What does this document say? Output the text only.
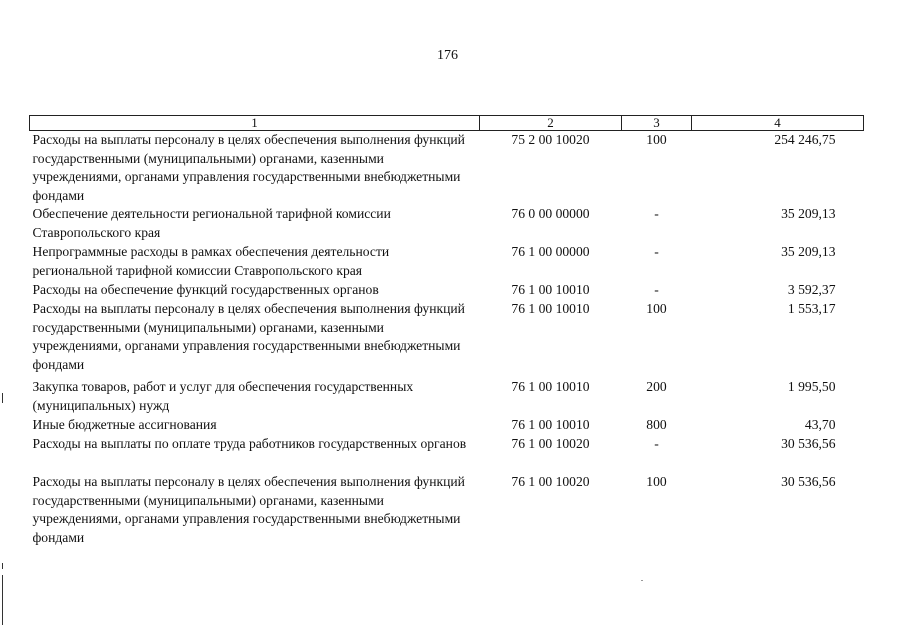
176
1	2	3	4
Расходы на выплаты персоналу в целях обеспечения выполнения функций государственными (муниципальными) органами, казенными учреждениями, органами управления государственными внебюджетными фондами	75 2 00 10020	100	254 246,75
Обеспечение деятельности региональной тарифной комиссии Ставропольского края	76 0 00 00000	-	35 209,13
Непрограммные расходы в рамках обеспечения деятельности региональной тарифной комиссии Ставропольского края	76 1 00 00000	-	35 209,13
Расходы на обеспечение функций государственных органов	76 1 00 10010	-	3 592,37
Расходы на выплаты персоналу в целях обеспечения выполнения функций государственными (муниципальными) органами, казенными учреждениями, органами управления государственными внебюджетными фондами	76 1 00 10010	100	1 553,17
Закупка товаров, работ и услуг для обеспечения государственных (муниципальных) нужд	76 1 00 10010	200	1 995,50
Иные бюджетные ассигнования	76 1 00 10010	800	43,70
Расходы на выплаты по оплате труда работников государственных органов	76 1 00 10020	-	30 536,56
Расходы на выплаты персоналу в целях обеспечения выполнения функций государственными (муниципальными) органами, казенными учреждениями, органами управления государственными внебюджетными фондами	76 1 00 10020	100	30 536,56
